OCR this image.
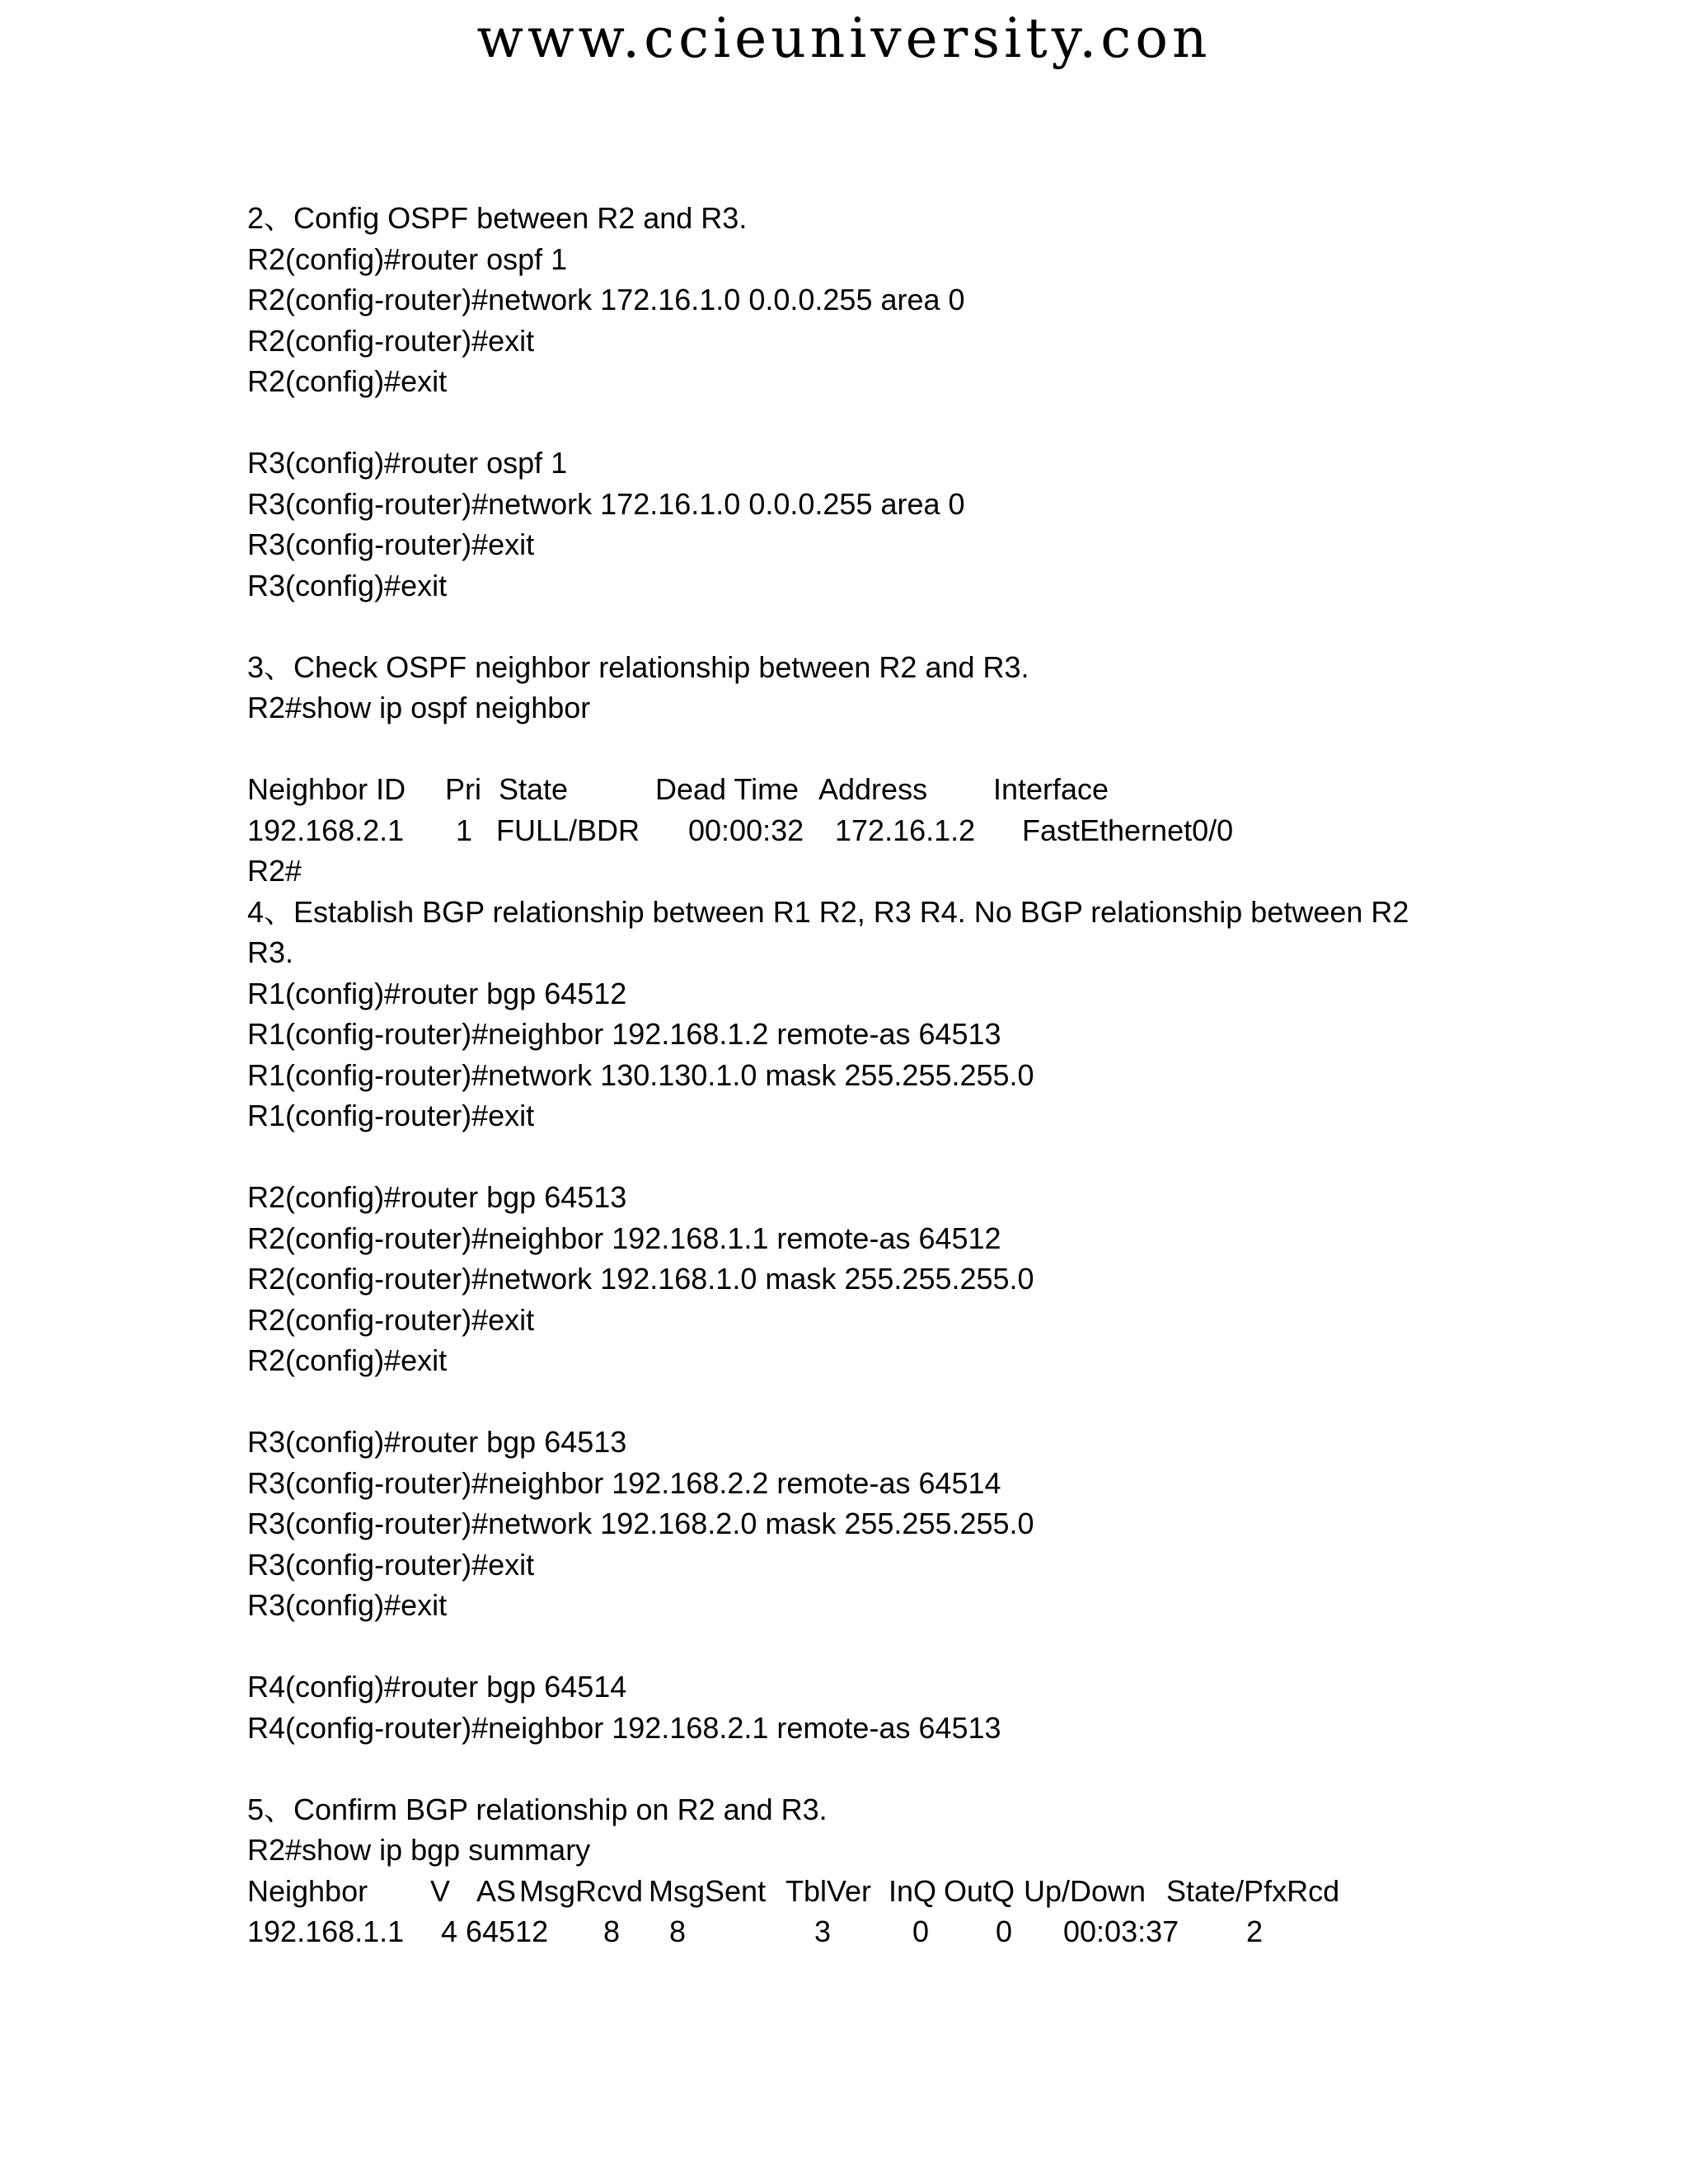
www.ccieuniversity.con
2、Config OSPF between R2 and R3.
R2(config)#router ospf 1
R2(config-router)#network 172.16.1.0 0.0.0.255 area 0
R2(config-router)#exit
R2(config)#exit
R3(config)#router ospf 1
R3(config-router)#network 172.16.1.0 0.0.0.255 area 0
R3(config-router)#exit
R3(config)#exit
3、Check OSPF neighbor relationship between R2 and R3.
R2#show ip ospf neighbor
Neighbor ID Pri State	Dead Time Address Interface
192.168.2.1 1 FULL/BDR 00:00:32 172.16.1.2 FastEthernet0/0
R2#
4、Establish BGP relationship between R1 R2, R3 R4. No BGP relationship between R2
R3.
R1(config)#router bgp 64512
R1(config-router)#neighbor 192.168.1.2 remote-as 64513
R1(config-router)#network 130.130.1.0 mask 255.255.255.0
R1(config-router)#exit
R2(config)#router bgp 64513
R2(config-router)#neighbor 192.168.1.1 remote-as 64512
R2(config-router)#network 192.168.1.0 mask 255.255.255.0
R2(config-router)#exit
R2(config)#exit
R3(config)#router bgp 64513
R3(config-router)#neighbor 192.168.2.2 remote-as 64514
R3(config-router)#network 192.168.2.0 mask 255.255.255.0
R3(config-router)#exit
R3(config)#exit
R4(config)#router bgp 64514
R4(config-router)#neighbor 192.168.2.1 remote-as 64513
5、Confirm BGP relationship on R2 and R3.
R2#show ip bgp summary
Neighbor V AS MsgRcvd MsgSent TblVer InQ OutQ Up/Down State/PfxRcd
192.168.1.1 4 64512 8 8	3	0 0 00:03:37 2
